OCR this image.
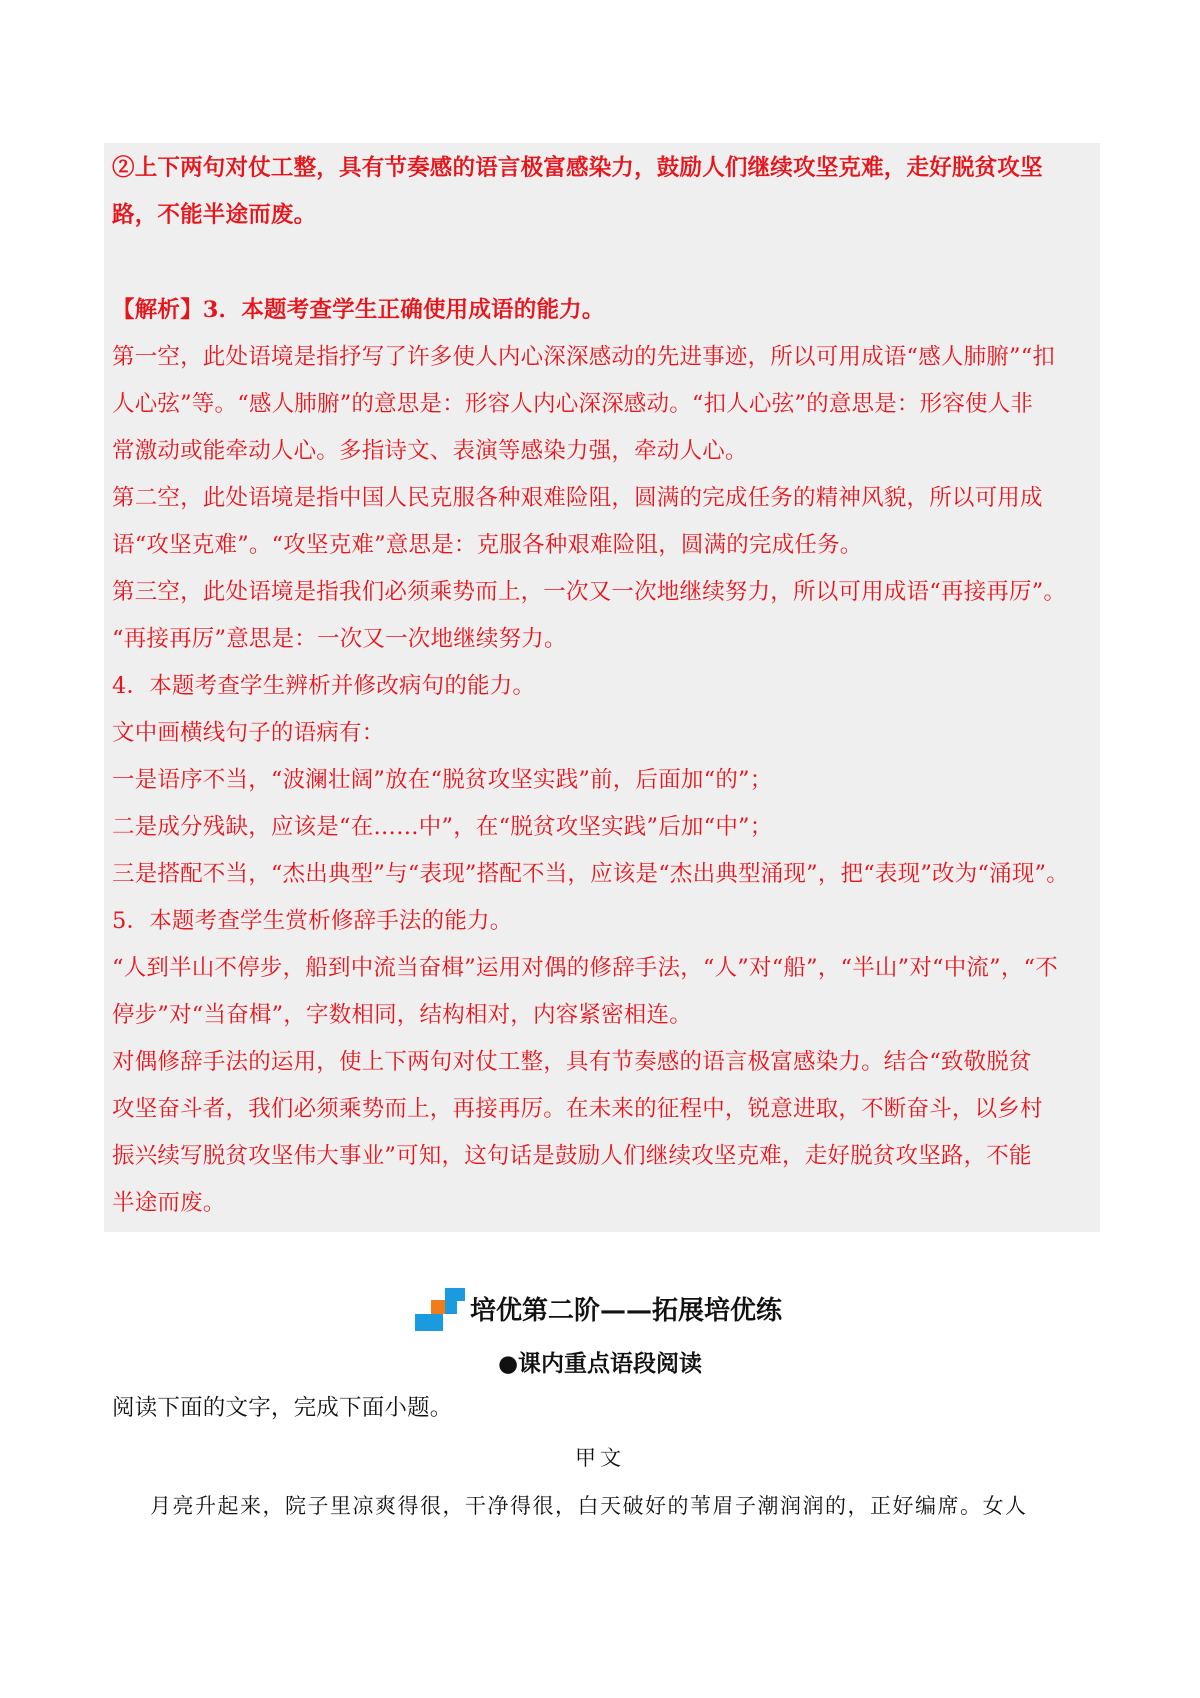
②上下两句对仗工整，具有节奏感的语言极富感染力，鼓励人们继续攻坚克难，走好脱贫攻坚
路，不能半途而废。
【解析】3．本题考查学生正确使用成语的能力。
第一空，此处语境是指抒写了许多使人内心深深感动的先进事迹，所以可用成语“感人肺腑”“扣
人心弦”等。“感人肺腑”的意思是：形容人内心深深感动。“扣人心弦”的意思是：形容使人非
常激动或能牵动人心。多指诗文、表演等感染力强，牵动人心。
第二空，此处语境是指中国人民克服各种艰难险阻，圆满的完成任务的精神风貌，所以可用成
语“攻坚克难”。“攻坚克难”意思是：克服各种艰难险阻，圆满的完成任务。
第三空，此处语境是指我们必须乘势而上，一次又一次地继续努力，所以可用成语“再接再厉”。
“再接再厉”意思是：一次又一次地继续努力。
4．本题考查学生辨析并修改病句的能力。
文中画横线句子的语病有：
一是语序不当，“波澜壮阔”放在“脱贫攻坚实践”前，后面加“的”；
二是成分残缺，应该是“在……中”，在“脱贫攻坚实践”后加“中”；
三是搭配不当，“杰出典型”与“表现”搭配不当，应该是“杰出典型涌现”，把“表现”改为“涌现”。
5．本题考查学生赏析修辞手法的能力。
“人到半山不停步，船到中流当奋楫”运用对偶的修辞手法，“人”对“船”，“半山”对“中流”，“不
停步”对“当奋楫”，字数相同，结构相对，内容紧密相连。
对偶修辞手法的运用，使上下两句对仗工整，具有节奏感的语言极富感染力。结合“致敬脱贫
攻坚奋斗者，我们必须乘势而上，再接再厉。在未来的征程中，锐意进取，不断奋斗，以乡村
振兴续写脱贫攻坚伟大事业”可知，这句话是鼓励人们继续攻坚克难，走好脱贫攻坚路，不能
半途而废。
培优第二阶——拓展培优练
●课内重点语段阅读
阅读下面的文字，完成下面小题。
甲文
月亮升起来，院子里凉爽得很，干净得很，白天破好的苇眉子潮润润的，正好编席。女人
